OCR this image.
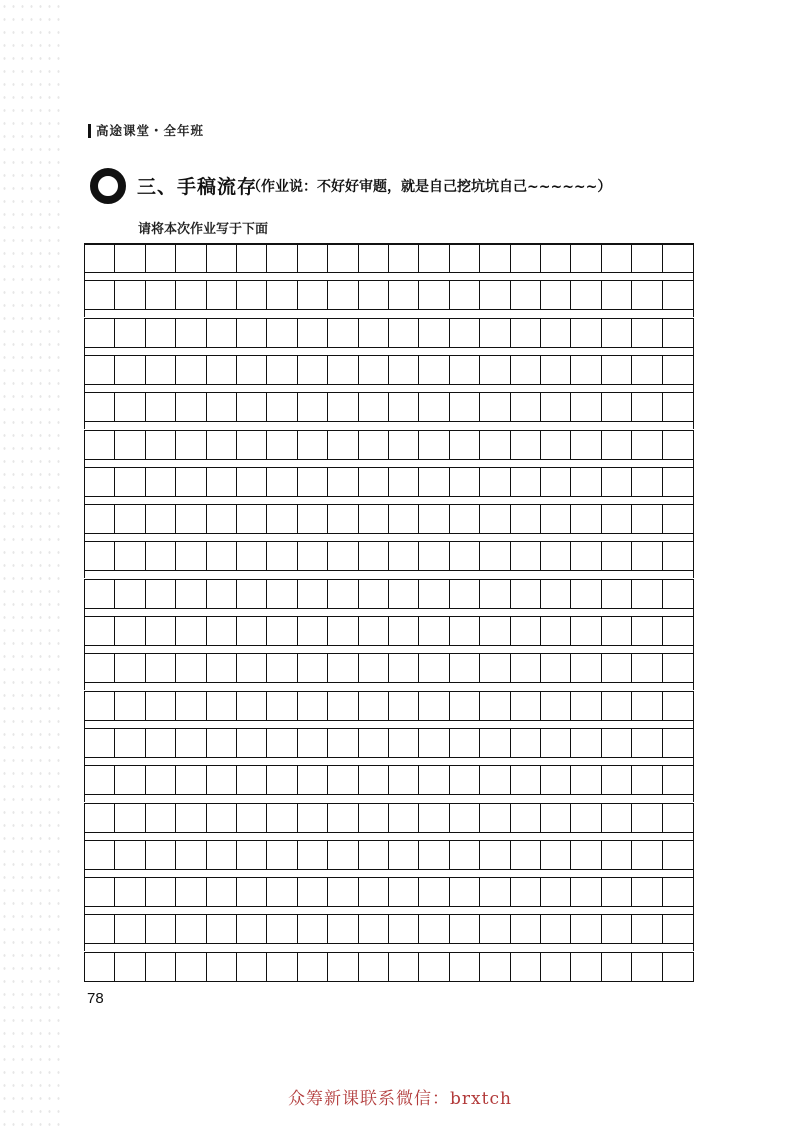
高途课堂・全年班
三、手稿流存
（作业说：不好好审题，就是自己挖坑坑自己~~~~~~）
请将本次作业写于下面
78
众筹新课联系微信：brxtch
